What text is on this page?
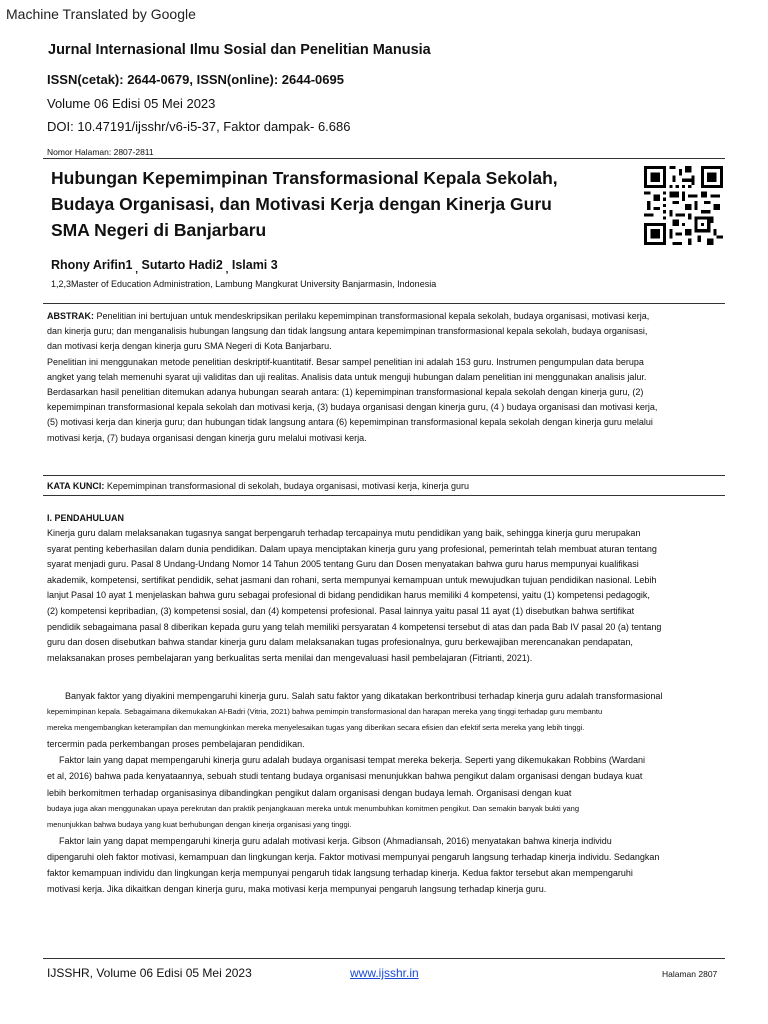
Machine Translated by Google
Jurnal Internasional Ilmu Sosial dan Penelitian Manusia
ISSN(cetak): 2644-0679, ISSN(online): 2644-0695
Volume 06 Edisi 05 Mei 2023
DOI: 10.47191/ijsshr/v6-i5-37, Faktor dampak- 6.686
Nomor Halaman: 2807-2811
Hubungan Kepemimpinan Transformasional Kepala Sekolah,
Budaya Organisasi, dan Motivasi Kerja dengan Kinerja Guru
SMA Negeri di Banjarbaru
Rhony Arifin1 $_,$ Sutarto Hadi2 $_,$ Islami 3
1,2,3Master of Education Administration, Lambung Mangkurat University Banjarmasin, Indonesia

ABSTRAK: Penelitian ini bertujuan untuk mendeskripsikan perilaku kepemimpinan transformasional kepala sekolah, budaya organisasi, motivasi kerja,

dan kinerja guru; dan menganalisis hubungan langsung dan tidak langsung antara kepemimpinan transformasional kepala sekolah, budaya organisasi,

dan motivasi kerja dengan kinerja guru SMA Negeri di Kota Banjarbaru.

Penelitian ini menggunakan metode penelitian deskriptif-kuantitatif. Besar sampel penelitian ini adalah 153 guru. Instrumen pengumpulan data berupa

angket yang telah memenuhi syarat uji validitas dan uji realitas. Analisis data untuk menguji hubungan dalam penelitian ini menggunakan analisis jalur.

Berdasarkan hasil penelitian ditemukan adanya hubungan searah antara: (1) kepemimpinan transformasional kepala sekolah dengan kinerja guru, (2)

kepemimpinan transformasional kepala sekolah dan motivasi kerja, (3) budaya organisasi dengan kinerja guru, (4 ) budaya organisasi dan motivasi kerja,

(5) motivasi kerja dan kinerja guru; dan hubungan tidak langsung antara (6) kepemimpinan transformasional kepala sekolah dengan kinerja guru melalui

motivasi kerja, (7) budaya organisasi dengan kinerja guru melalui motivasi kerja.

KATA KUNCI: Kepemimpinan transformasional di sekolah, budaya organisasi, motivasi kerja, kinerja guru
I. PENDAHULUAN

Kinerja guru dalam melaksanakan tugasnya sangat berpengaruh terhadap tercapainya mutu pendidikan yang baik, sehingga kinerja guru merupakan

syarat penting keberhasilan dalam dunia pendidikan. Dalam upaya menciptakan kinerja guru yang profesional, pemerintah telah membuat aturan tentang

syarat menjadi guru. Pasal 8 Undang-Undang Nomor 14 Tahun 2005 tentang Guru dan Dosen menyatakan bahwa guru harus mempunyai kualifikasi

akademik, kompetensi, sertifikat pendidik, sehat jasmani dan rohani, serta mempunyai kemampuan untuk mewujudkan tujuan pendidikan nasional. Lebih

lanjut Pasal 10 ayat 1 menjelaskan bahwa guru sebagai profesional di bidang pendidikan harus memiliki 4 kompetensi, yaitu (1) kompetensi pedagogik,

(2) kompetensi kepribadian, (3) kompetensi sosial, dan (4) kompetensi profesional. Pasal lainnya yaitu pasal 11 ayat (1) disebutkan bahwa sertifikat

pendidik sebagaimana pasal 8 diberikan kepada guru yang telah memiliki persyaratan 4 kompetensi tersebut di atas dan pada Bab IV pasal 20 (a) tentang

guru dan dosen disebutkan bahwa standar kinerja guru dalam melaksanakan tugas profesionalnya, guru berkewajiban merencanakan pendapatan,

melaksanakan proses pembelajaran yang berkualitas serta menilai dan mengevaluasi hasil pembelajaran (Fitrianti, 2021).

Banyak faktor yang diyakini mempengaruhi kinerja guru. Salah satu faktor yang dikatakan berkontribusi terhadap kinerja guru adalah transformasional

kepemimpinan kepala. Sebagaimana dikemukakan Al-Badri (Vitria, 2021) bahwa pemimpin transformasional dan harapan mereka yang tinggi terhadap guru membantu

mereka mengembangkan keterampilan dan memungkinkan mereka menyelesaikan tugas yang diberikan secara efisien dan efektif serta mereka yang lebih tinggi.

tercermin pada perkembangan proses pembelajaran pendidikan.

Faktor lain yang dapat mempengaruhi kinerja guru adalah budaya organisasi tempat mereka bekerja. Seperti yang dikemukakan Robbins (Wardani

et al, 2016) bahwa pada kenyataannya, sebuah studi tentang budaya organisasi menunjukkan bahwa pengikut dalam organisasi dengan budaya kuat

lebih berkomitmen terhadap organisasinya dibandingkan pengikut dalam organisasi dengan budaya lemah. Organisasi dengan kuat

budaya juga akan menggunakan upaya perekrutan dan praktik penjangkauan mereka untuk menumbuhkan komitmen pengikut. Dan semakin banyak bukti yang

menunjukkan bahwa budaya yang kuat berhubungan dengan kinerja organisasi yang tinggi.

Faktor lain yang dapat mempengaruhi kinerja guru adalah motivasi kerja. Gibson (Ahmadiansah, 2016) menyatakan bahwa kinerja individu

dipengaruhi oleh faktor motivasi, kemampuan dan lingkungan kerja. Faktor motivasi mempunyai pengaruh langsung terhadap kinerja individu. Sedangkan

faktor kemampuan individu dan lingkungan kerja mempunyai pengaruh tidak langsung terhadap kinerja. Kedua faktor tersebut akan mempengaruhi

motivasi kerja. Jika dikaitkan dengan kinerja guru, maka motivasi kerja mempunyai pengaruh langsung terhadap kinerja guru.

IJSSHR, Volume 06 Edisi 05 Mei 2023	www.ijsshr.in	Halaman 2807
